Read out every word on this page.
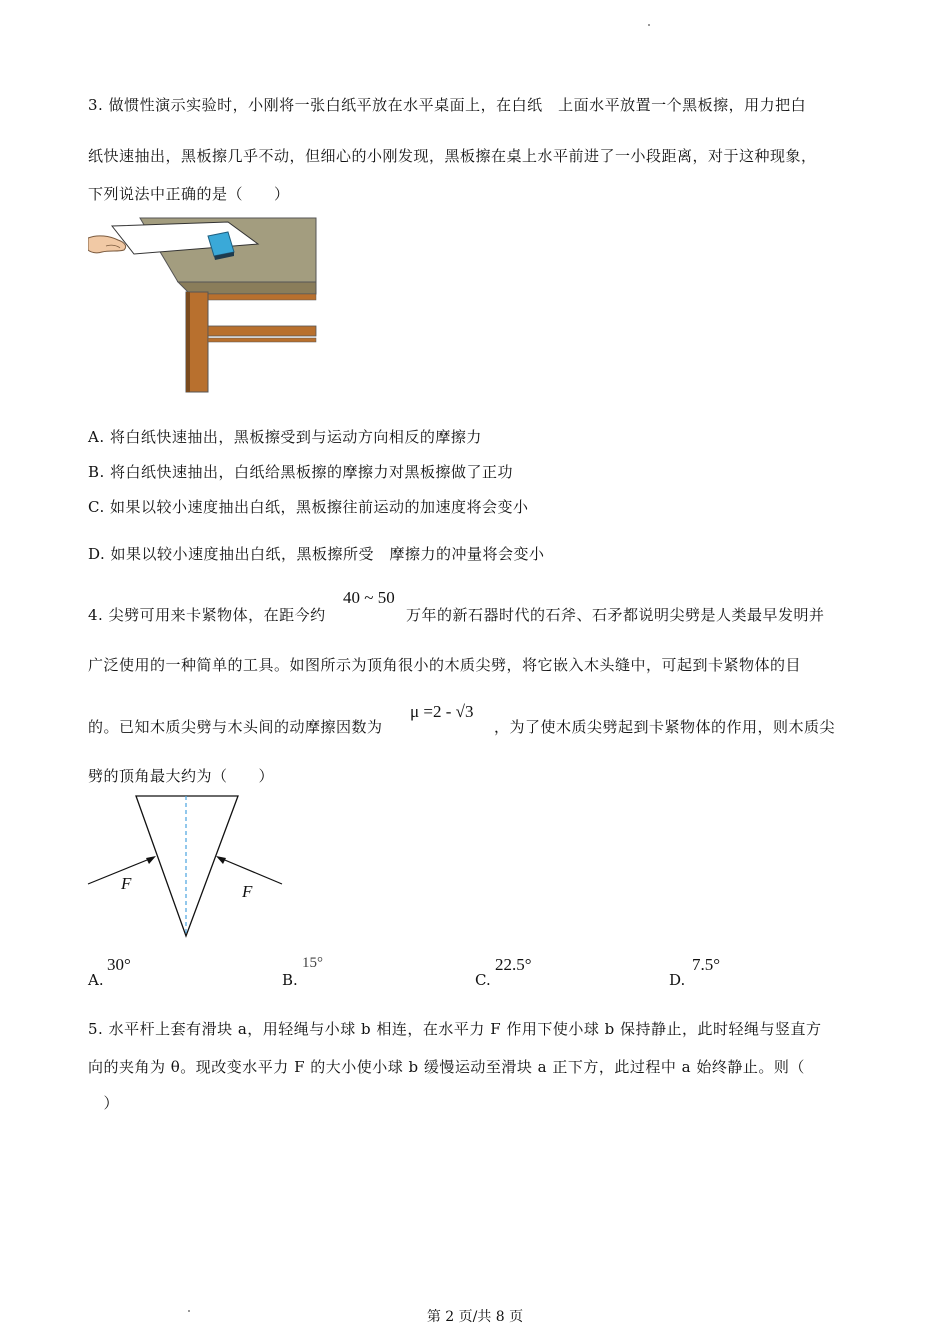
3. 做惯性演示实验时，小刚将一张白纸平放在水平桌面上，在白纸　上面水平放置一个黑板擦，用力把白
纸快速抽出，黑板擦几乎不动，但细心的小刚发现，黑板擦在桌上水平前进了一小段距离，对于这种现象，
下列说法中正确的是（　　）
A. 将白纸快速抽出，黑板擦受到与运动方向相反的摩擦力
B. 将白纸快速抽出，白纸给黑板擦的摩擦力对黑板擦做了正功
C. 如果以较小速度抽出白纸，黑板擦往前运动的加速度将会变小
D. 如果以较小速度抽出白纸，黑板擦所受　摩擦力的冲量将会变小
4. 尖劈可用来卡紧物体，在距今约
40 ~ 50
万年的新石器时代的石斧、石矛都说明尖劈是人类最早发明并
广泛使用的一种简单的工具。如图所示为顶角很小的木质尖劈，将它嵌入木头缝中，可起到卡紧物体的目
的。已知木质尖劈与木头间的动摩擦因数为
μ =2 - √3
，为了使木质尖劈起到卡紧物体的作用，则木质尖
劈的顶角最大约为（　　）
F	F
A.
30°
B.
15°
C.
22.5°
D.
7.5°
5. 水平杆上套有滑块 a，用轻绳与小球 b 相连，在水平力 F 作用下使小球 b 保持静止，此时轻绳与竖直方
向的夹角为 θ。现改变水平力 F 的大小使小球 b 缓慢运动至滑块 a 正下方，此过程中 a 始终静止。则（
　）
第 2 页/共 8 页
